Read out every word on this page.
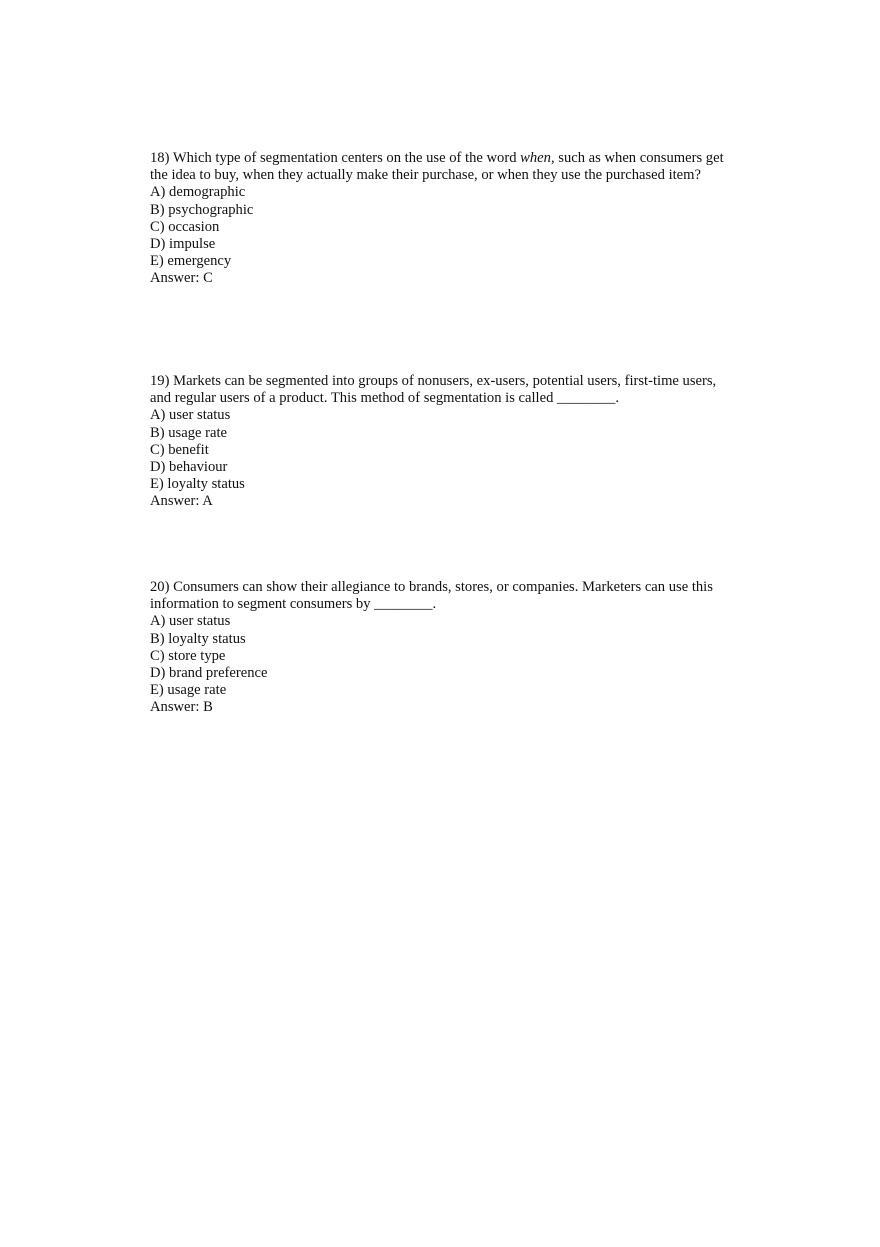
18) Which type of segmentation centers on the use of the word when, such as when consumers get the idea to buy, when they actually make their purchase, or when they use the purchased item?

A) demographic
B) psychographic
C) occasion
D) impulse
E) emergency

Answer: C

19) Markets can be segmented into groups of nonusers, ex-users, potential users, first-time users, and regular users of a product. This method of segmentation is called ________.

A) user status
B) usage rate
C) benefit
D) behaviour
E) loyalty status

Answer: A

20) Consumers can show their allegiance to brands, stores, or companies. Marketers can use this information to segment consumers by ________.

A) user status
B) loyalty status
C) store type
D) brand preference
E) usage rate

Answer: B
